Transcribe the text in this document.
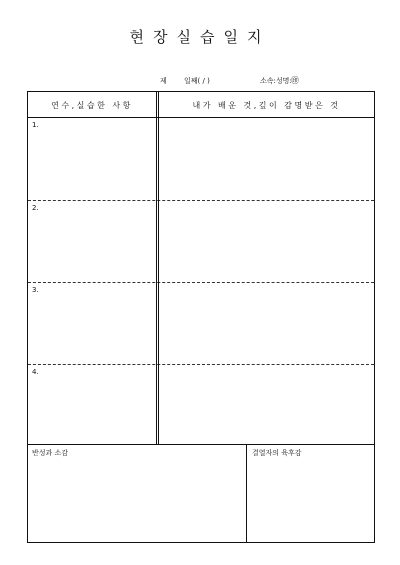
현장실습일지
제 일째( / )	소속:성명: ㊞
연수,실습한 사항	내가 배운 것,깊이 감명받은 것
1.
2.
3.
4.
반성과 소감	결열자의 육후감
